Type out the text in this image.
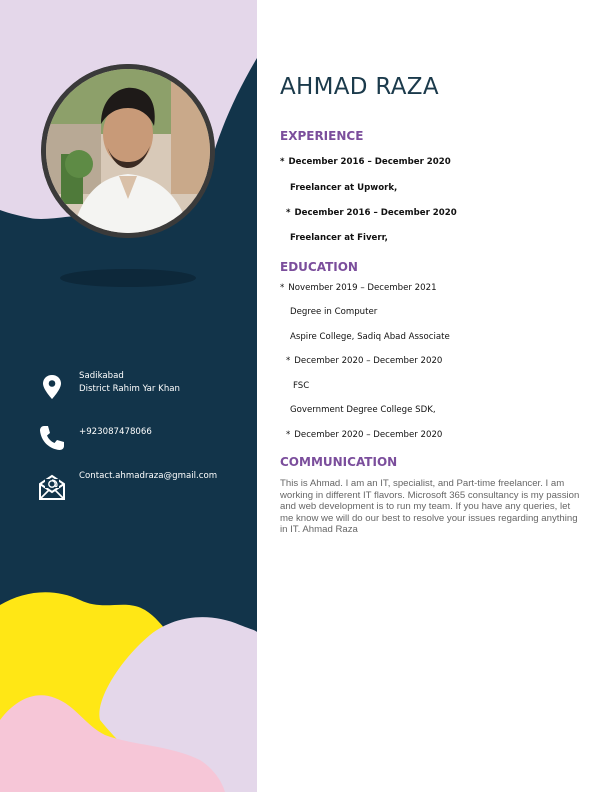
Sadikabad
District Rahim Yar Khan
+923087478066
Contact.ahmadraza@gmail.com
AHMAD RAZA
EXPERIENCE
* December 2016 – December 2020
Freelancer at Upwork,
* December 2016 – December 2020
Freelancer at Fiverr,
EDUCATION
* November 2019 – December 2021
Degree in Computer
Aspire College, Sadiq Abad Associate
* December 2020 – December 2020
FSC
Government Degree College SDK,
* December 2020 – December 2020
COMMUNICATION
This is Ahmad. I am an IT, specialist, and Part-time freelancer. I am working in different IT flavors. Microsoft 365 consultancy is my passion and web development is to run my team. If you have any queries, let me know we will do our best to resolve your issues regarding anything in IT. Ahmad Raza
